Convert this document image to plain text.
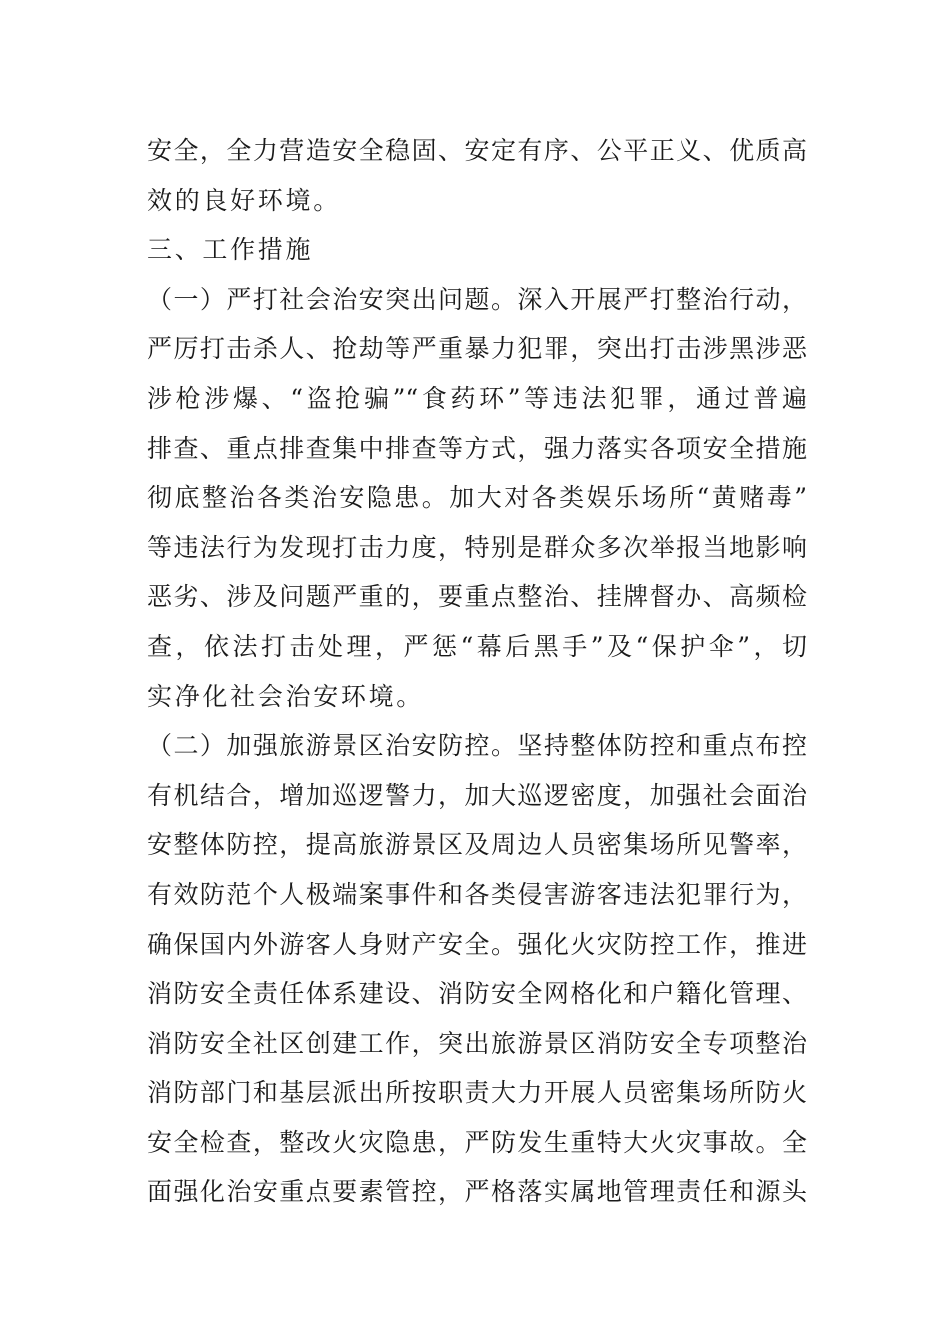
安全，全力营造安全稳固、安定有序、公平正义、优质高
效的良好环境。
三、工作措施
（一）严打社会治安突出问题。深入开展严打整治行动，
严厉打击杀人、抢劫等严重暴力犯罪，突出打击涉黑涉恶
涉枪涉爆、“盗抢骗”“食药环”等违法犯罪，通过普遍
排查、重点排查集中排查等方式，强力落实各项安全措施
彻底整治各类治安隐患。加大对各类娱乐场所“黄赌毒”
等违法行为发现打击力度，特别是群众多次举报当地影响
恶劣、涉及问题严重的，要重点整治、挂牌督办、高频检
查，依法打击处理，严惩“幕后黑手”及“保护伞”，切
实净化社会治安环境。
（二）加强旅游景区治安防控。坚持整体防控和重点布控
有机结合，增加巡逻警力，加大巡逻密度，加强社会面治
安整体防控，提高旅游景区及周边人员密集场所见警率，
有效防范个人极端案事件和各类侵害游客违法犯罪行为，
确保国内外游客人身财产安全。强化火灾防控工作，推进
消防安全责任体系建设、消防安全网格化和户籍化管理、
消防安全社区创建工作，突出旅游景区消防安全专项整治
消防部门和基层派出所按职责大力开展人员密集场所防火
安全检查，整改火灾隐患，严防发生重特大火灾事故。全
面强化治安重点要素管控，严格落实属地管理责任和源头
